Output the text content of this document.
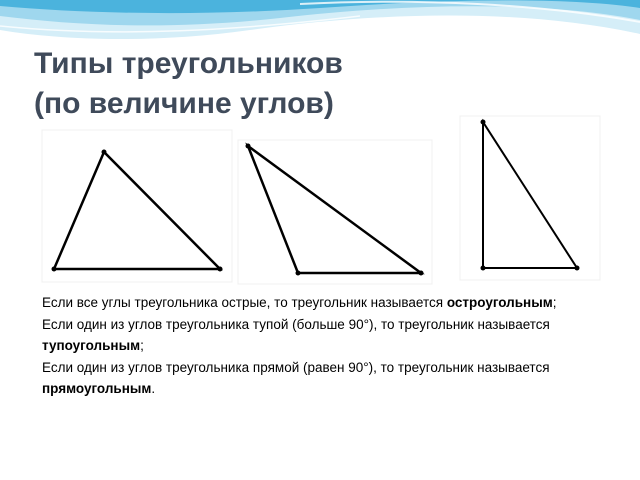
Типы треугольников
(по величине углов)

Если все углы треугольника острые, то треугольник называется остроугольным;

Если один из углов треугольника тупой (больше 90°), то треугольник называется тупоугольным;

Если один из углов треугольника прямой (равен 90°), то треугольник называется прямоугольным.
